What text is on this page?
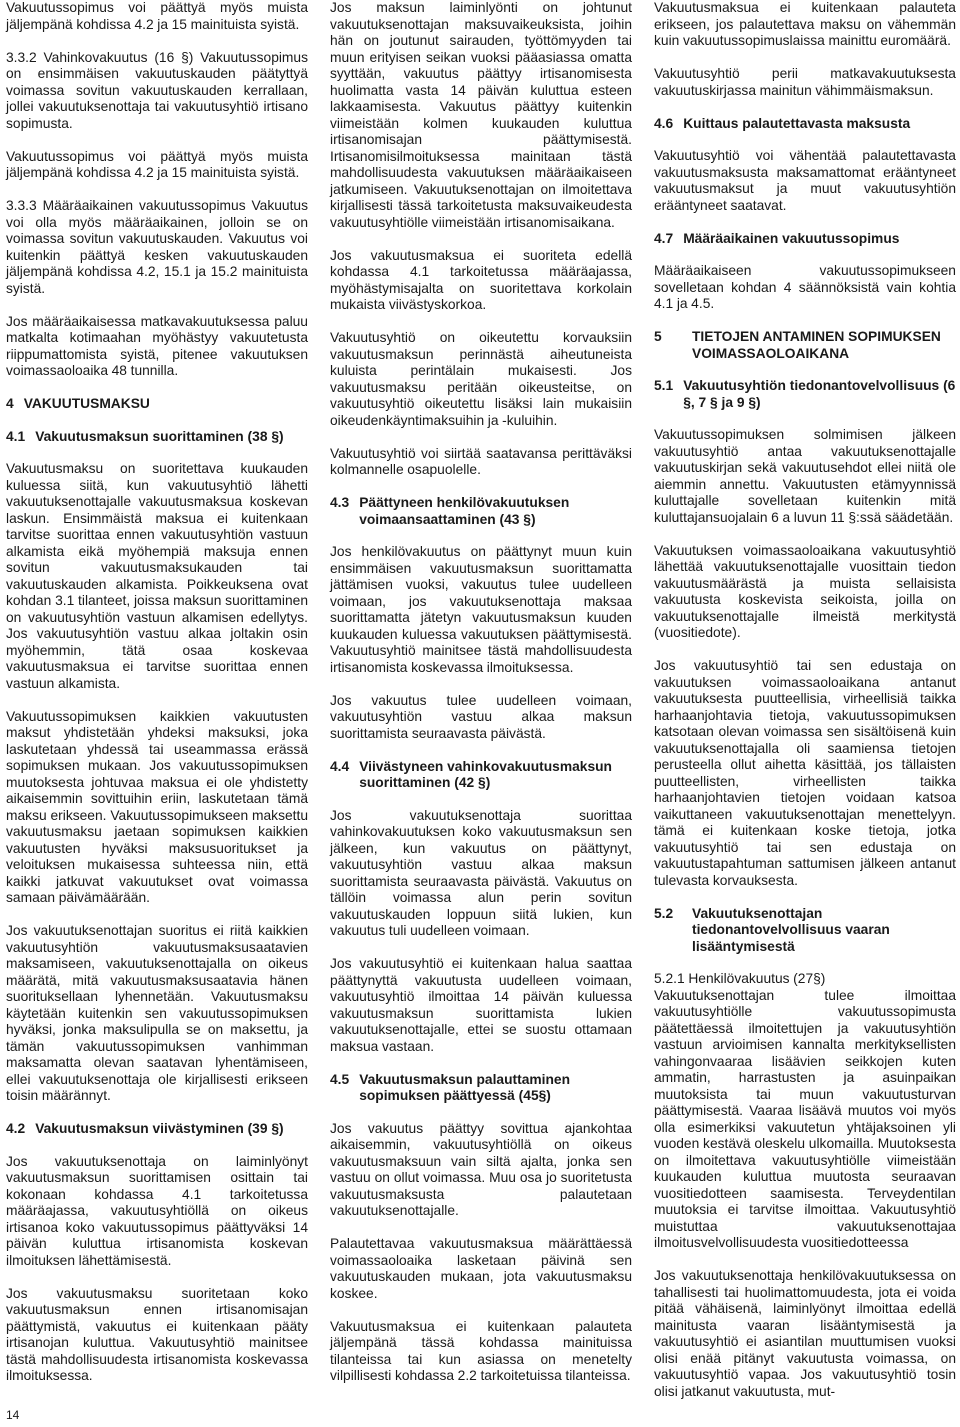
Vakuutussopimus voi päättyä myös muista jäljempänä kohdissa 4.2 ja 15 mainituista syistä.

3.3.2 Vahinkovakuutus (16 §) Vakuutussopimus on ensimmäisen vakuutuskauden päätyttyä voimassa sovitun vakuutuskauden kerrallaan, jollei vakuutuksenottaja tai vakuutusyhtiö irtisano sopimusta.

Vakuutussopimus voi päättyä myös muista jäljempänä kohdissa 4.2 ja 15 mainituista syistä.

3.3.3 Määräaikainen vakuutussopimus Vakuutus voi olla myös määräaikainen, jolloin se on voimassa sovitun vakuutuskauden. Vakuutus voi kuitenkin päättyä kesken vakuutuskauden jäljempänä kohdissa 4.2, 15.1 ja 15.2 mainituista syistä.

Jos määräaikaisessa matkavakuutuksessa paluu matkalta kotimaahan myöhästyy vakuutetusta riippumattomista syistä, pitenee vakuutuksen voimassaoloaika 48 tunnilla.

4 VAKUUTUSMAKSU
4.1 Vakuutusmaksun suorittaminen (38 §)

Vakuutusmaksu on suoritettava kuukauden kuluessa siitä, kun vakuutusyhtiö lähetti vakuutuksenottajalle vakuutusmaksua koskevan laskun. Ensimmäistä maksua ei kuitenkaan tarvitse suorittaa ennen vakuutusyhtiön vastuun alkamista eikä myöhempiä maksuja ennen sovitun vakuutusmaksukauden tai vakuutuskauden alkamista. Poikkeuksena ovat kohdan 3.1 tilanteet, joissa maksun suorittaminen on vakuutusyhtiön vastuun alkamisen edellytys. Jos vakuutusyhtiön vastuu alkaa joltakin osin myöhemmin, tätä osaa koskevaa vakuutusmaksua ei tarvitse suorittaa ennen vastuun alkamista.

Vakuutussopimuksen kaikkien vakuutusten maksut yhdistetään yhdeksi maksuksi, joka laskutetaan yhdessä tai useammassa erässä sopimuksen mukaan. Jos vakuutussopimuksen muutoksesta johtuvaa maksua ei ole yhdistetty aikaisemmin sovittuihin eriin, laskutetaan tämä maksu erikseen. Vakuutussopimukseen maksettu vakuutusmaksu jaetaan sopimuksen kaikkien vakuutusten hyväksi maksusuoritukset ja veloituksen mukaisessa suhteessa niin, että kaikki jatkuvat vakuutukset ovat voimassa samaan päivämäärään.

Jos vakuutuksenottajan suoritus ei riitä kaikkien vakuutusyhtiön vakuutusmaksusaatavien maksamiseen, vakuutuksenottajalla on oikeus määrätä, mitä vakuutusmaksusaatavia hänen suorituksellaan lyhennetään. Vakuutusmaksu käytetään kuitenkin sen vakuutussopimuksen hyväksi, jonka maksulipulla se on maksettu, ja tämän vakuutussopimuksen vanhimman maksamatta olevan saatavan lyhentämiseen, ellei vakuutuksenottaja ole kirjallisesti erikseen toisin määrännyt.

4.2 Vakuutusmaksun viivästyminen (39 §)

Jos vakuutuksenottaja on laiminlyönyt vakuutusmaksun suorittamisen osittain tai kokonaan kohdassa 4.1 tarkoitetussa määräajassa, vakuutusyhtiöllä on oikeus irtisanoa koko vakuutussopimus päättyväksi 14 päivän kuluttua irtisanomista koskevan ilmoituksen lähettämisestä.

Jos vakuutusmaksu suoritetaan koko vakuutusmaksun ennen irtisanomisajan päättymistä, vakuutus ei kuitenkaan pääty irtisanojan kuluttua. Vakuutusyhtiö mainitsee tästä mahdollisuudesta irtisanomista koskevassa ilmoituksessa.

Jos maksun laiminlyönti on johtunut vakuutuksenottajan maksuvaikeuksista, joihin hän on joutunut sairauden, työttömyyden tai muun erityisen seikan vuoksi pääasiassa omatta syyttään, vakuutus päättyy irtisanomisesta huolimatta vasta 14 päivän kuluttua esteen lakkaamisesta. Vakuutus päättyy kuitenkin viimeistään kolmen kuukauden kuluttua irtisanomisajan päättymisestä. Irtisanomisilmoituksessa mainitaan tästä mahdollisuudesta vakuutuksen määräaikaiseen jatkumiseen. Vakuutuksenottajan on ilmoitettava kirjallisesti tässä tarkoitetusta maksuvaikeudesta vakuutusyhtiölle viimeistään irtisanomisaikana.

Jos vakuutusmaksua ei suoriteta edellä kohdassa 4.1 tarkoitetussa määräajassa, myöhästymisajalta on suoritettava korkolain mukaista viivästyskorkoa.

Vakuutusyhtiö on oikeutettu korvauksiin vakuutusmaksun perinnästä aiheutuneista kuluista perintälain mukaisesti. Jos vakuutusmaksu peritään oikeusteitse, on vakuutusyhtiö oikeutettu lisäksi lain mukaisiin oikeudenkäyntimaksuihin ja -kuluihin.

Vakuutusyhtiö voi siirtää saatavansa perittäväksi kolmannelle osapuolelle.

4.3 Päättyneen henkilövakuutuksen voimaansaattaminen (43 §)

Jos henkilövakuutus on päättynyt muun kuin ensimmäisen vakuutusmaksun suorittamatta jättämisen vuoksi, vakuutus tulee uudelleen voimaan, jos vakuutuksenottaja maksaa suorittamatta jätetyn vakuutusmaksun kuuden kuukauden kuluessa vakuutuksen päättymisestä. Vakuutusyhtiö mainitsee tästä mahdollisuudesta irtisanomista koskevassa ilmoituksessa.

Jos vakuutus tulee uudelleen voimaan, vakuutusyhtiön vastuu alkaa maksun suorittamista seuraavasta päivästä.

4.4 Viivästyneen vahinkovakuutusmaksun suorittaminen (42 §)

Jos vakuutuksenottaja suorittaa vahinkovakuutuksen koko vakuutusmaksun sen jälkeen, kun vakuutus on päättynyt, vakuutusyhtiön vastuu alkaa maksun suorittamista seuraavasta päivästä. Vakuutus on tällöin voimassa alun perin sovitun vakuutuskauden loppuun siitä lukien, kun vakuutus tuli uudelleen voimaan.

Jos vakuutusyhtiö ei kuitenkaan halua saattaa päättynyttä vakuutusta uudelleen voimaan, vakuutusyhtiö ilmoittaa 14 päivän kuluessa vakuutusmaksun suorittamista lukien vakuutuksenottajalle, ettei se suostu ottamaan maksua vastaan.

4.5 Vakuutusmaksun palauttaminen sopimuksen päättyessä (45§)

Jos vakuutus päättyy sovittua ajankohtaa aikaisemmin, vakuutusyhtiöllä on oikeus vakuutusmaksuun vain siltä ajalta, jonka sen vastuu on ollut voimassa. Muu osa jo suoritetusta vakuutusmaksusta palautetaan vakuutuksenottajalle.

Palautettavaa vakuutusmaksua määrättäessä voimassaoloaika lasketaan päivinä sen vakuutuskauden mukaan, jota vakuutusmaksu koskee.

Vakuutusmaksua ei kuitenkaan palauteta jäljempänä tässä kohdassa mainituissa tilanteissa tai kun asiassa on menetelty vilpillisesti kohdassa 2.2 tarkoitetuissa tilanteissa.

Vakuutusmaksua ei kuitenkaan palauteta erikseen, jos palautettava maksu on vähemmän kuin vakuutussopimuslaissa mainittu euromäärä.

Vakuutusyhtiö perii matkavakuutuksesta vakuutuskirjassa mainitun vähimmäismaksun.

4.6 Kuittaus palautettavasta maksusta

Vakuutusyhtiö voi vähentää palautettavasta vakuutusmaksusta maksamattomat erääntyneet vakuutusmaksut ja muut vakuutusyhtiön erääntyneet saatavat.

4.7 Määräaikainen vakuutussopimus

Määräaikaiseen vakuutussopimukseen sovelletaan kohdan 4 säännöksistä vain kohtia 4.1 ja 4.5.

5	TIETOJEN ANTAMINEN SOPIMUKSEN VOIMASSAOLOAIKANA
5.1 Vakuutusyhtiön tiedonantovelvollisuus (6 §, 7 § ja 9 §)

Vakuutussopimuksen solmimisen jälkeen vakuutusyhtiö antaa vakuutuksenottajalle vakuutuskirjan sekä vakuutusehdot ellei niitä ole aiemmin annettu. Vakuutusten etämyynnissä kuluttajalle sovelletaan kuitenkin mitä kuluttajansuojalain 6 a luvun 11 §:ssä säädetään.

Vakuutuksen voimassaoloaikana vakuutusyhtiö lähettää vakuutuksenottajalle vuosittain tiedon vakuutusmäärästä ja muista sellaisista vakuutusta koskevista seikoista, joilla on vakuutuksenottajalle ilmeistä merkitystä (vuositiedote).

Jos vakuutusyhtiö tai sen edustaja on vakuutuksen voimassaoloaikana antanut vakuutuksesta puutteellisia, virheellisiä taikka harhaanjohtavia tietoja, vakuutussopimuksen katsotaan olevan voimassa sen sisältöisenä kuin vakuutuksenottajalla oli saamiensa tietojen perusteella ollut aihetta käsittää, jos tällaisten puutteellisten, virheellisten taikka harhaanjohtavien tietojen voidaan katsoa vaikuttaneen vakuutuksenottajan menettelyyn. tämä ei kuitenkaan koske tietoja, jotka vakuutusyhtiö tai sen edustaja on vakuutustapahtuman sattumisen jälkeen antanut tulevasta korvauksesta.

5.2	Vakuutuksenottajan tiedonantovelvollisuus vaaran lisääntymisestä

5.2.1 Henkilövakuutus (27§)

Vakuutuksenottajan tulee ilmoittaa vakuutusyhtiölle vakuutussopimusta päätettäessä ilmoitettujen ja vakuutusyhtiön vastuun arvioimisen kannalta merkityksellisten vahingonvaaraa lisäävien seikkojen kuten ammatin, harrastusten ja asuinpaikan muutoksista tai muun vakuutusturvan päättymisestä. Vaaraa lisäävä muutos voi myös olla esimerkiksi vakuutetun yhtäjaksoinen yli vuoden kestävä oleskelu ulkomailla. Muutoksesta on ilmoitettava vakuutusyhtiölle viimeistään kuukauden kuluttua muutosta seuraavan vuositiedotteen saamisesta. Terveydentilan muutoksia ei tarvitse ilmoittaa. Vakuutusyhtiö muistuttaa vakuutuksenottajaa ilmoitusvelvollisuudesta vuositiedotteessa

Jos vakuutuksenottaja henkilövakuutuksessa on tahallisesti tai huolimattomuudesta, jota ei voida pitää vähäisenä, laiminlyönyt ilmoittaa edellä mainitusta vaaran lisääntymisestä ja vakuutusyhtiö ei asiantilan muuttumisen vuoksi olisi enää pitänyt vakuutusta voimassa, on vakuutusyhtiö vapaa. Jos vakuutusyhtiö tosin olisi jatkanut vakuutusta, mut-

14
